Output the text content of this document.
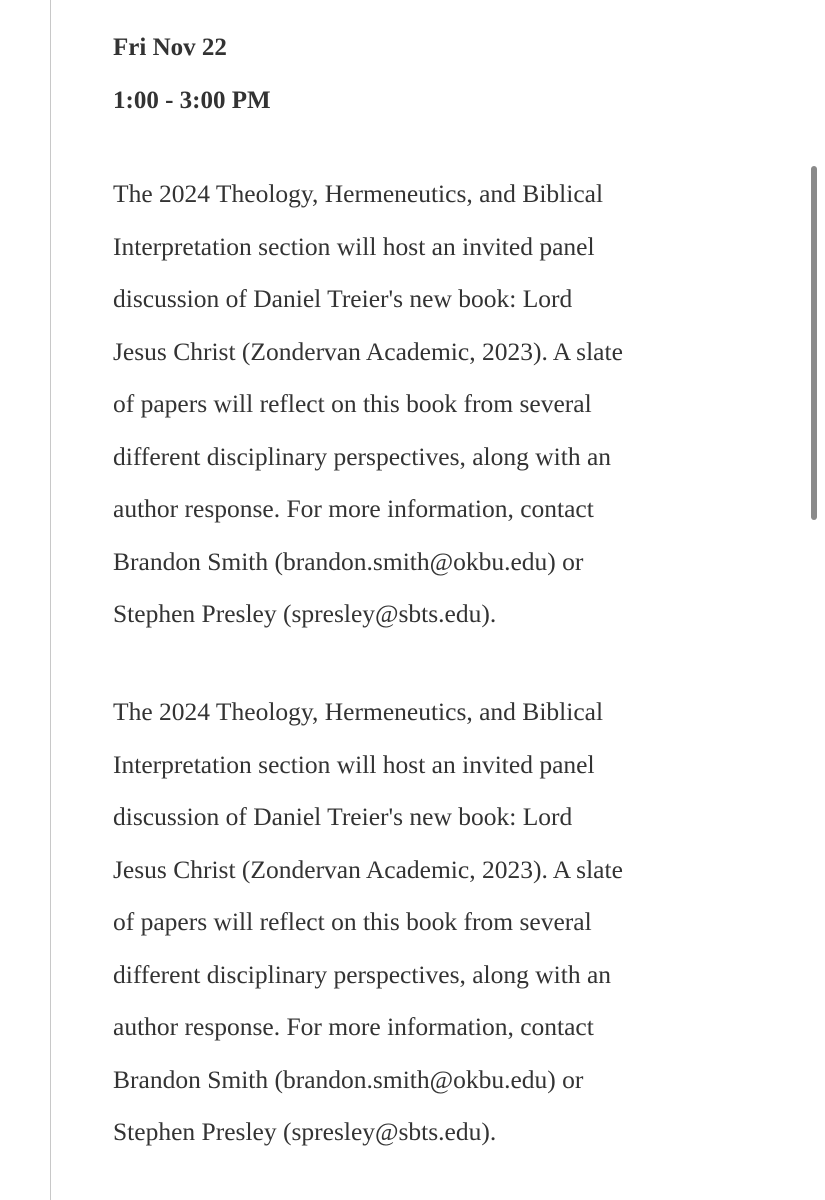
Fri Nov 22

1:00 - 3:00 PM

The 2024 Theology, Hermeneutics, and Biblical
Interpretation section will host an invited panel
discussion of Daniel Treier's new book: Lord
Jesus Christ (Zondervan Academic, 2023). A slate
of papers will reflect on this book from several
different disciplinary perspectives, along with an
author response. For more information, contact
Brandon Smith (brandon.smith@okbu.edu) or
Stephen Presley (spresley@sbts.edu).

The 2024 Theology, Hermeneutics, and Biblical
Interpretation section will host an invited panel
discussion of Daniel Treier's new book: Lord
Jesus Christ (Zondervan Academic, 2023). A slate
of papers will reflect on this book from several
different disciplinary perspectives, along with an
author response. For more information, contact
Brandon Smith (brandon.smith@okbu.edu) or
Stephen Presley (spresley@sbts.edu).
